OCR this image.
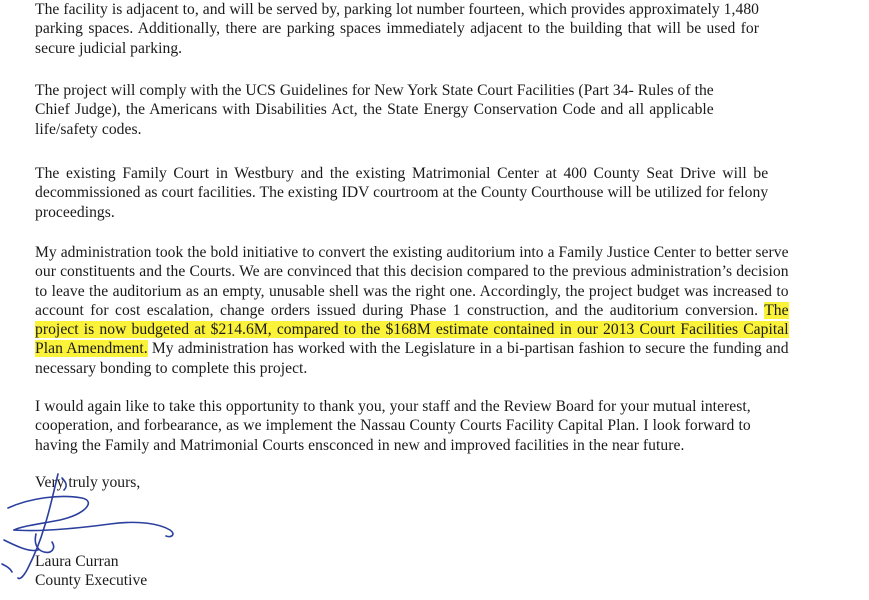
The facility is adjacent to, and will be served by, parking lot number fourteen, which provides approximately 1,480
parking spaces. Additionally, there are parking spaces immediately adjacent to the building that will be used for
secure judicial parking.

The project will comply with the UCS Guidelines for New York State Court Facilities (Part 34- Rules of the
Chief Judge), the Americans with Disabilities Act, the State Energy Conservation Code and all applicable
life/safety codes.

The existing Family Court in Westbury and the existing Matrimonial Center at 400 County Seat Drive will be
decommissioned as court facilities. The existing IDV courtroom at the County Courthouse will be utilized for felony
proceedings.

My administration took the bold initiative to convert the existing auditorium into a Family Justice Center to better serve
our constituents and the Courts. We are convinced that this decision compared to the previous administration’s decision
to leave the auditorium as an empty, unusable shell was the right one. Accordingly, the project budget was increased to
account for cost escalation, change orders issued during Phase 1 construction, and the auditorium conversion. The
project is now budgeted at $214.6M, compared to the $168M estimate contained in our 2013 Court Facilities Capital
Plan Amendment. My administration has worked with the Legislature in a bi-partisan fashion to secure the funding and
necessary bonding to complete this project.

I would again like to take this opportunity to thank you, your staff and the Review Board for your mutual interest,
cooperation, and forbearance, as we implement the Nassau County Courts Facility Capital Plan. I look forward to
having the Family and Matrimonial Courts ensconced in new and improved facilities in the near future.

Very truly yours,

Laura Curran

County Executive
